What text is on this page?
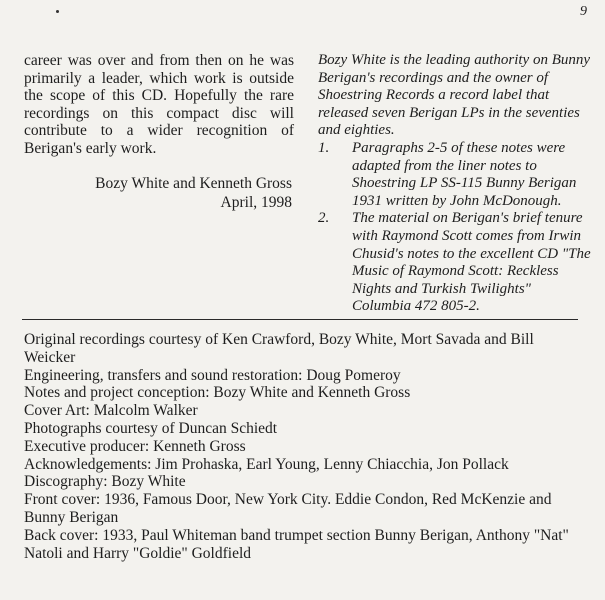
9

career was over and from then on he was primarily a leader, which work is outside the scope of this CD. Hopefully the rare recordings on this compact disc will contribute to a wider recognition of Berigan's early work.

Bozy White and Kenneth Gross
April, 1998

Bozy White is the leading authority on Bunny Berigan's recordings and the owner of Shoestring Records a record label that released seven Berigan LPs in the seventies and eighties.

1.	Paragraphs 2-5 of these notes were adapted from the liner notes to Shoestring LP SS-115 Bunny Berigan 1931 written by John McDonough.
2.	The material on Berigan's brief tenure with Raymond Scott comes from Irwin Chusid's notes to the excellent CD "The Music of Raymond Scott: Reckless Nights and Turkish Twilights" Columbia 472 805-2.
Original recordings courtesy of Ken Crawford, Bozy White, Mort Savada and Bill Weicker
Engineering, transfers and sound restoration: Doug Pomeroy
Notes and project conception: Bozy White and Kenneth Gross
Cover Art: Malcolm Walker
Photographs courtesy of Duncan Schiedt
Executive producer: Kenneth Gross
Acknowledgements: Jim Prohaska, Earl Young, Lenny Chiacchia, Jon Pollack
Discography: Bozy White
Front cover: 1936, Famous Door, New York City. Eddie Condon, Red McKenzie and Bunny Berigan
Back cover: 1933, Paul Whiteman band trumpet section Bunny Berigan, Anthony "Nat" Natoli and Harry "Goldie" Goldfield
